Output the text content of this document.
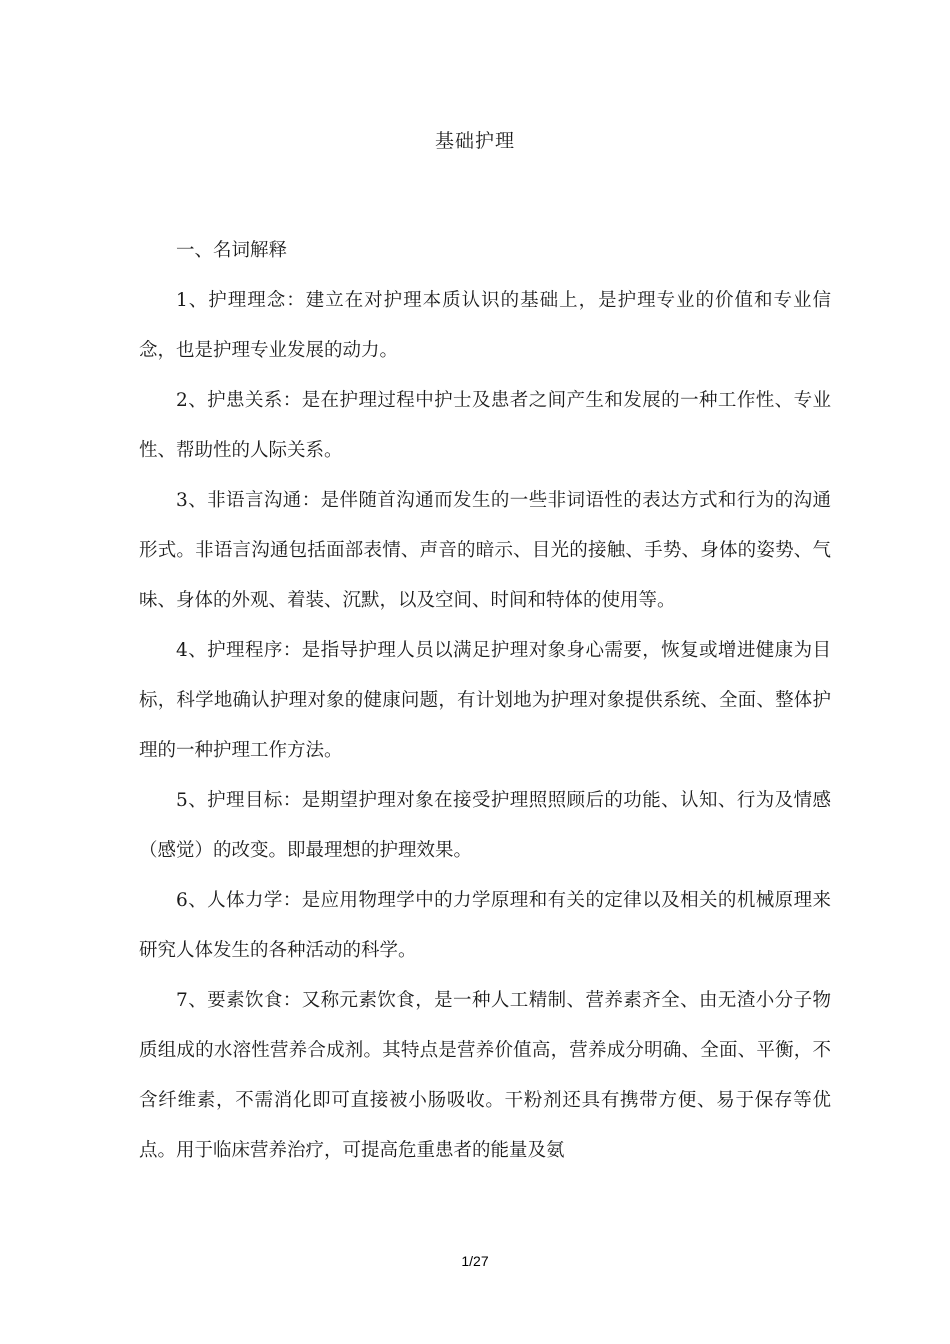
基础护理

一、名词解释

1、护理理念：建立在对护理本质认识的基础上，是护理专业的价值和专业信念，也是护理专业发展的动力。

2、护患关系：是在护理过程中护士及患者之间产生和发展的一种工作性、专业性、帮助性的人际关系。

3、非语言沟通：是伴随首沟通而发生的一些非词语性的表达方式和行为的沟通形式。非语言沟通包括面部表情、声音的暗示、目光的接触、手势、身体的姿势、气味、身体的外观、着装、沉默，以及空间、时间和特体的使用等。

4、护理程序：是指导护理人员以满足护理对象身心需要，恢复或增进健康为目标，科学地确认护理对象的健康问题，有计划地为护理对象提供系统、全面、整体护理的一种护理工作方法。

5、护理目标：是期望护理对象在接受护理照照顾后的功能、认知、行为及情感（感觉）的改变。即最理想的护理效果。

6、人体力学：是应用物理学中的力学原理和有关的定律以及相关的机械原理来研究人体发生的各种活动的科学。

7、要素饮食：又称元素饮食，是一种人工精制、营养素齐全、由无渣小分子物质组成的水溶性营养合成剂。其特点是营养价值高，营养成分明确、全面、平衡，不含纤维素，不需消化即可直接被小肠吸收。干粉剂还具有携带方便、易于保存等优点。用于临床营养治疗，可提高危重患者的能量及氨

1/27
